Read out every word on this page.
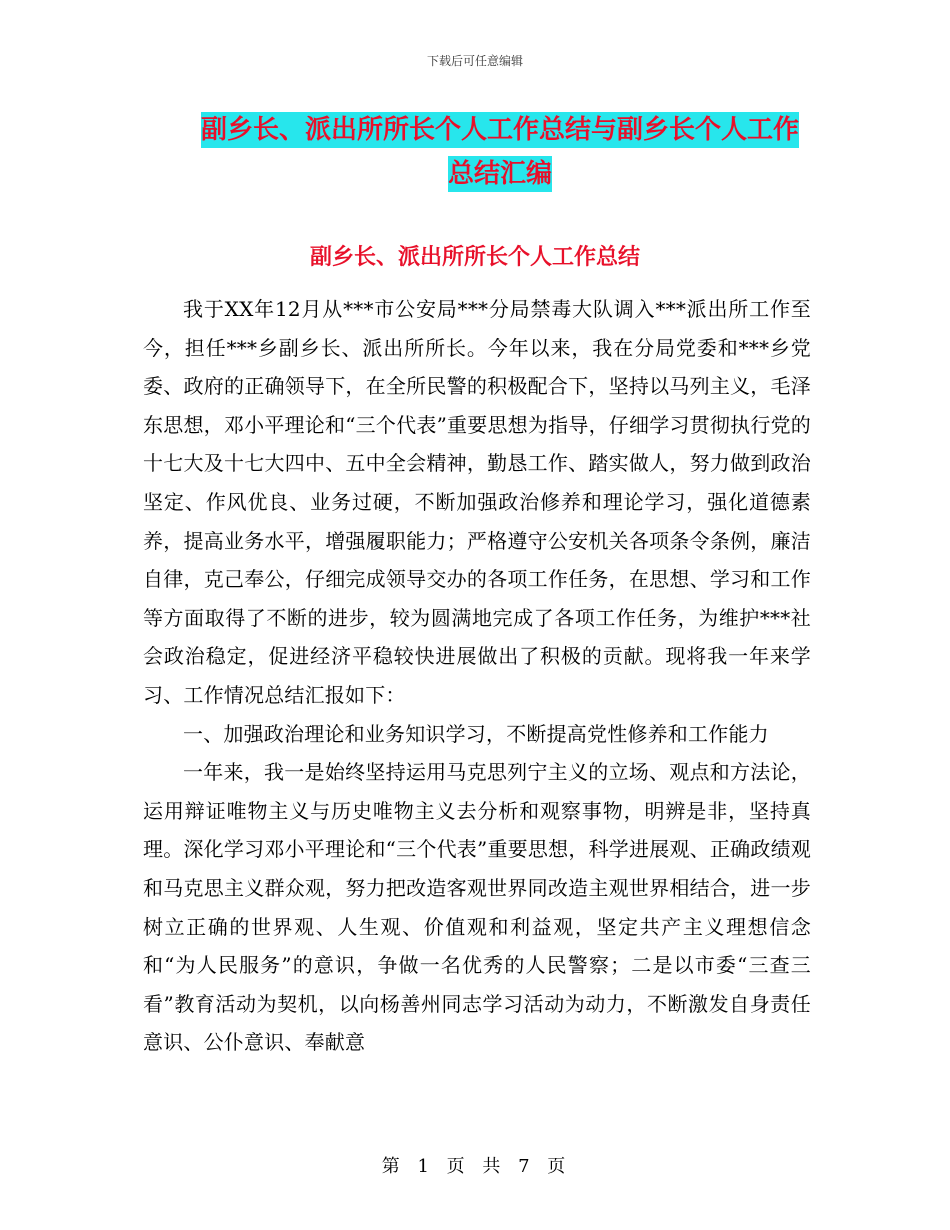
下载后可任意编辑
副乡长、派出所所长个人工作总结与副乡长个人工作
总结汇编
副乡长、派出所所长个人工作总结

我于XX年12月从***市公安局***分局禁毒大队调入***派出所工作至今，担任***乡副乡长、派出所所长。今年以来，我在分局党委和***乡党委、政府的正确领导下，在全所民警的积极配合下，坚持以马列主义，毛泽东思想，邓小平理论和“三个代表”重要思想为指导，仔细学习贯彻执行党的十七大及十七大四中、五中全会精神，勤恳工作、踏实做人，努力做到政治坚定、作风优良、业务过硬，不断加强政治修养和理论学习，强化道德素养，提高业务水平，增强履职能力；严格遵守公安机关各项条令条例，廉洁自律，克己奉公，仔细完成领导交办的各项工作任务，在思想、学习和工作等方面取得了不断的进步，较为圆满地完成了各项工作任务，为维护***社会政治稳定，促进经济平稳较快进展做出了积极的贡献。现将我一年来学习、工作情况总结汇报如下：

一、加强政治理论和业务知识学习，不断提高党性修养和工作能力

一年来，我一是始终坚持运用马克思列宁主义的立场、观点和方法论，运用辩证唯物主义与历史唯物主义去分析和观察事物，明辨是非，坚持真理。深化学习邓小平理论和“三个代表”重要思想，科学进展观、正确政绩观和马克思主义群众观，努力把改造客观世界同改造主观世界相结合，进一步树立正确的世界观、人生观、价值观和利益观，坚定共产主义理想信念和“为人民服务”的意识，争做一名优秀的人民警察；二是以市委“三查三看”教育活动为契机，以向杨善州同志学习活动为动力，不断激发自身责任意识、公仆意识、奉献意

第 1 页 共 7 页
